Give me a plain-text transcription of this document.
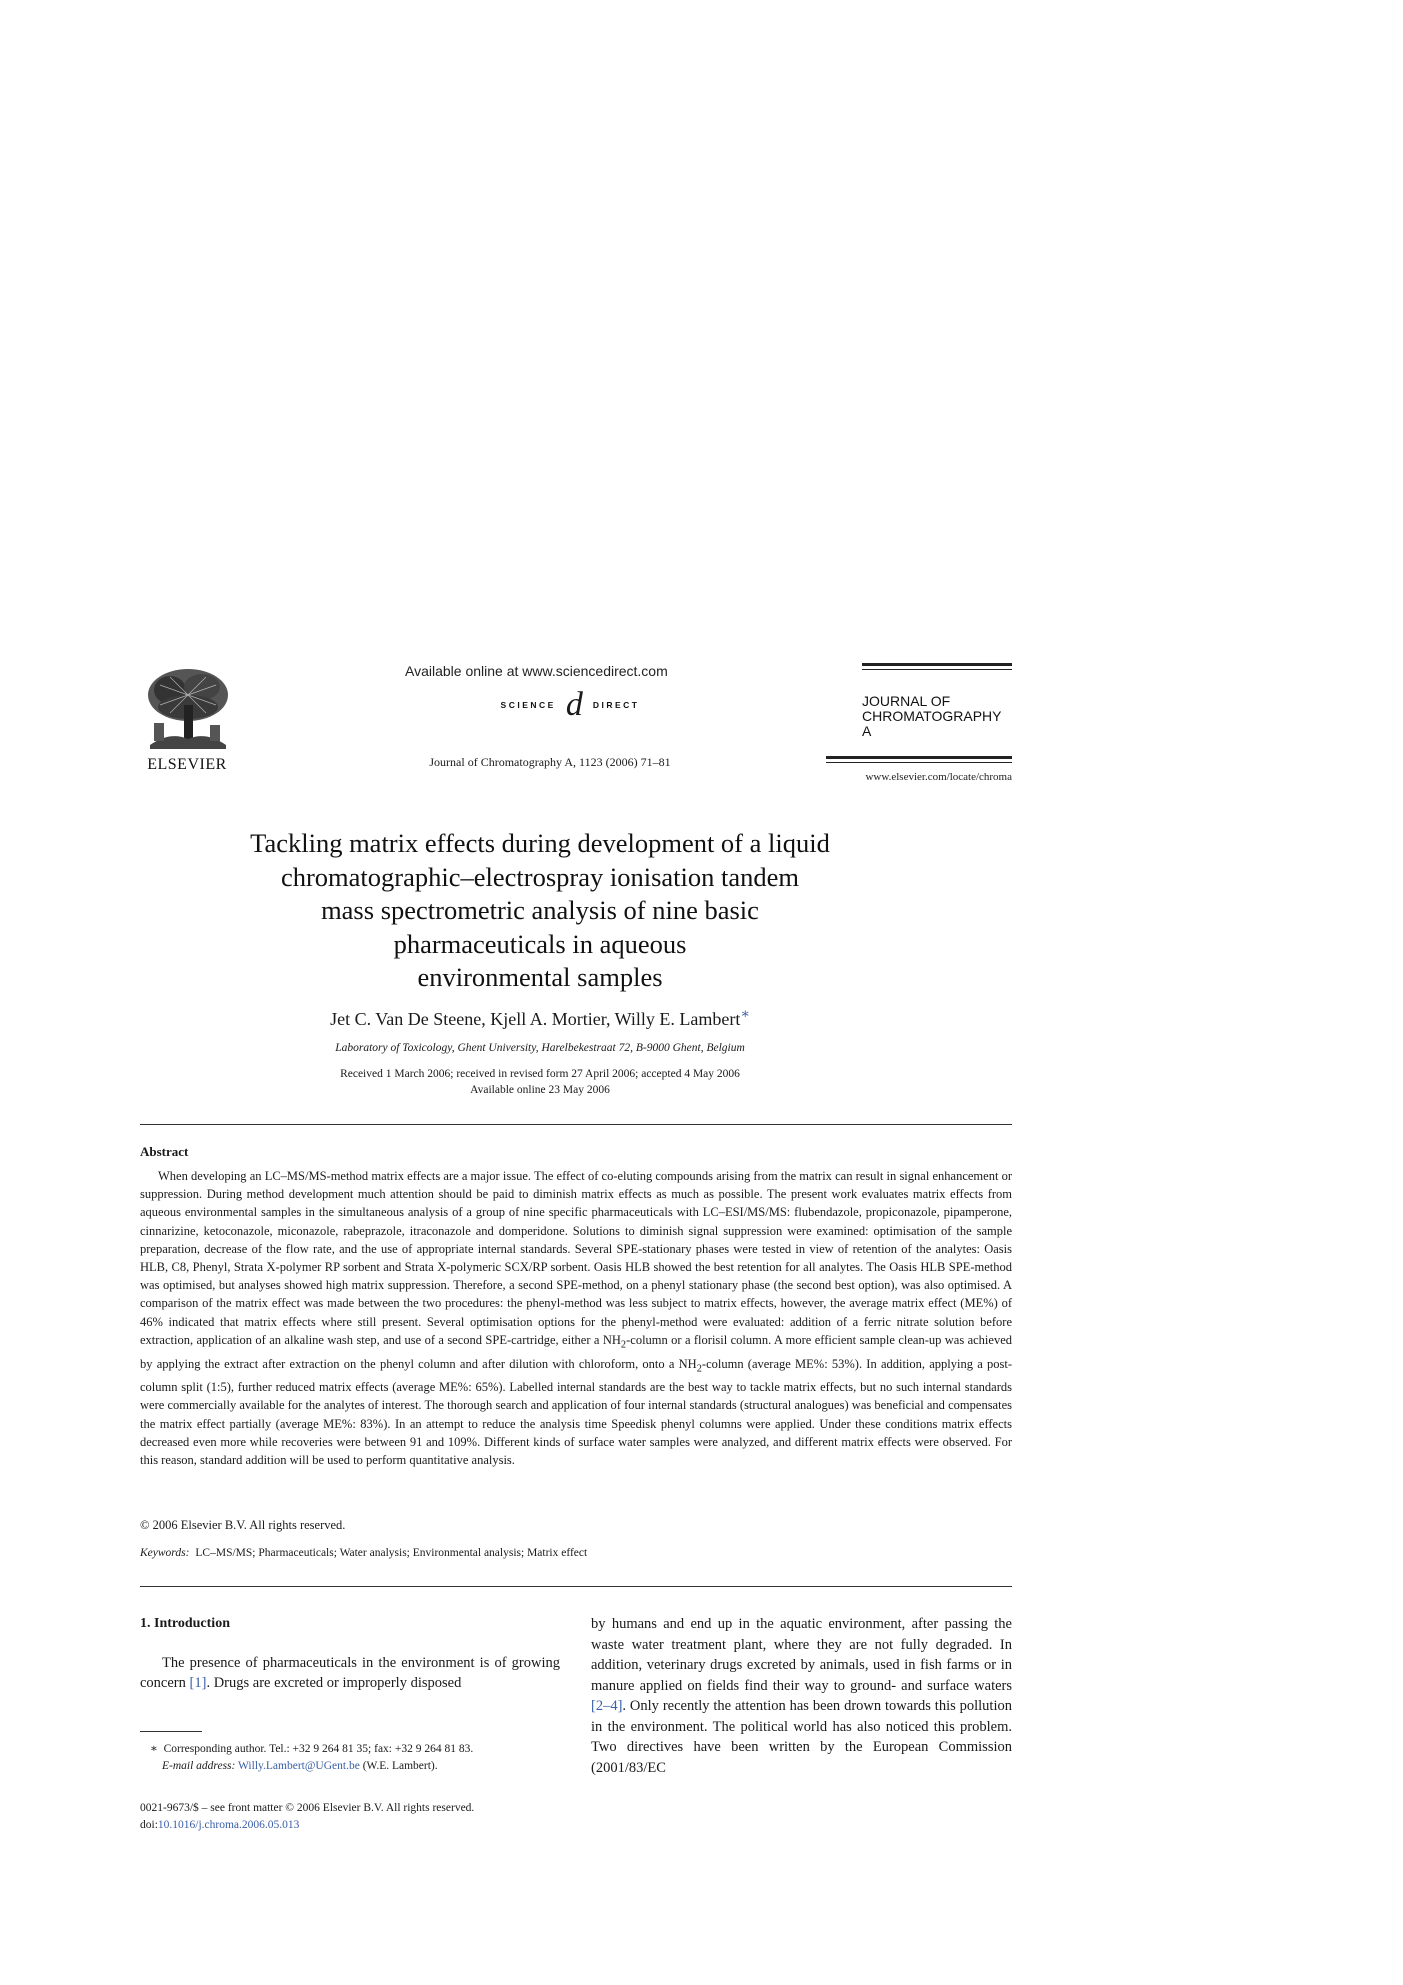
ELSEVIER
Available online at www.sciencedirect.com
SCIENCE d DIRECT
Journal of Chromatography A, 1123 (2006) 71–81
JOURNAL OF
CHROMATOGRAPHY A
www.elsevier.com/locate/chroma
Tackling matrix effects during development of a liquid
chromatographic–electrospray ionisation tandem
mass spectrometric analysis of nine basic
pharmaceuticals in aqueous
environmental samples
Jet C. Van De Steene, Kjell A. Mortier, Willy E. Lambert∗
Laboratory of Toxicology, Ghent University, Harelbekestraat 72, B-9000 Ghent, Belgium
Received 1 March 2006; received in revised form 27 April 2006; accepted 4 May 2006
Available online 23 May 2006
Abstract
When developing an LC–MS/MS-method matrix effects are a major issue. The effect of co-eluting compounds arising from the matrix can result in signal enhancement or suppression. During method development much attention should be paid to diminish matrix effects as much as possible. The present work evaluates matrix effects from aqueous environmental samples in the simultaneous analysis of a group of nine specific pharmaceuticals with LC–ESI/MS/MS: flubendazole, propiconazole, pipamperone, cinnarizine, ketoconazole, miconazole, rabeprazole, itraconazole and domperidone. Solutions to diminish signal suppression were examined: optimisation of the sample preparation, decrease of the flow rate, and the use of appropriate internal standards. Several SPE-stationary phases were tested in view of retention of the analytes: Oasis HLB, C8, Phenyl, Strata X-polymer RP sorbent and Strata X-polymeric SCX/RP sorbent. Oasis HLB showed the best retention for all analytes. The Oasis HLB SPE-method was optimised, but analyses showed high matrix suppression. Therefore, a second SPE-method, on a phenyl stationary phase (the second best option), was also optimised. A comparison of the matrix effect was made between the two procedures: the phenyl-method was less subject to matrix effects, however, the average matrix effect (ME%) of 46% indicated that matrix effects where still present. Several optimisation options for the phenyl-method were evaluated: addition of a ferric nitrate solution before extraction, application of an alkaline wash step, and use of a second SPE-cartridge, either a $NH_2$-column or a florisil column. A more efficient sample clean-up was achieved by applying the extract after extraction on the phenyl column and after dilution with chloroform, onto a $NH_2$-column (average ME%: 53%). In addition, applying a post-column split (1:5), further reduced matrix effects (average ME%: 65%). Labelled internal standards are the best way to tackle matrix effects, but no such internal standards were commercially available for the analytes of interest. The thorough search and application of four internal standards (structural analogues) was beneficial and compensates the matrix effect partially (average ME%: 83%). In an attempt to reduce the analysis time Speedisk phenyl columns were applied. Under these conditions matrix effects decreased even more while recoveries were between 91 and 109%. Different kinds of surface water samples were analyzed, and different matrix effects were observed. For this reason, standard addition will be used to perform quantitative analysis.
© 2006 Elsevier B.V. All rights reserved.
Keywords: LC–MS/MS; Pharmaceuticals; Water analysis; Environmental analysis; Matrix effect
1. Introduction
The presence of pharmaceuticals in the environment is of growing concern [1]. Drugs are excreted or improperly disposed
by humans and end up in the aquatic environment, after passing the waste water treatment plant, where they are not fully degraded. In addition, veterinary drugs excreted by animals, used in fish farms or in manure applied on fields find their way to ground- and surface waters [2–4]. Only recently the attention has been drown towards this pollution in the environment. The political world has also noticed this problem. Two directives have been written by the European Commission (2001/83/EC
∗ Corresponding author. Tel.: +32 9 264 81 35; fax: +32 9 264 81 83.
E-mail address: Willy.Lambert@UGent.be (W.E. Lambert).
0021-9673/$ – see front matter © 2006 Elsevier B.V. All rights reserved.
doi:10.1016/j.chroma.2006.05.013
